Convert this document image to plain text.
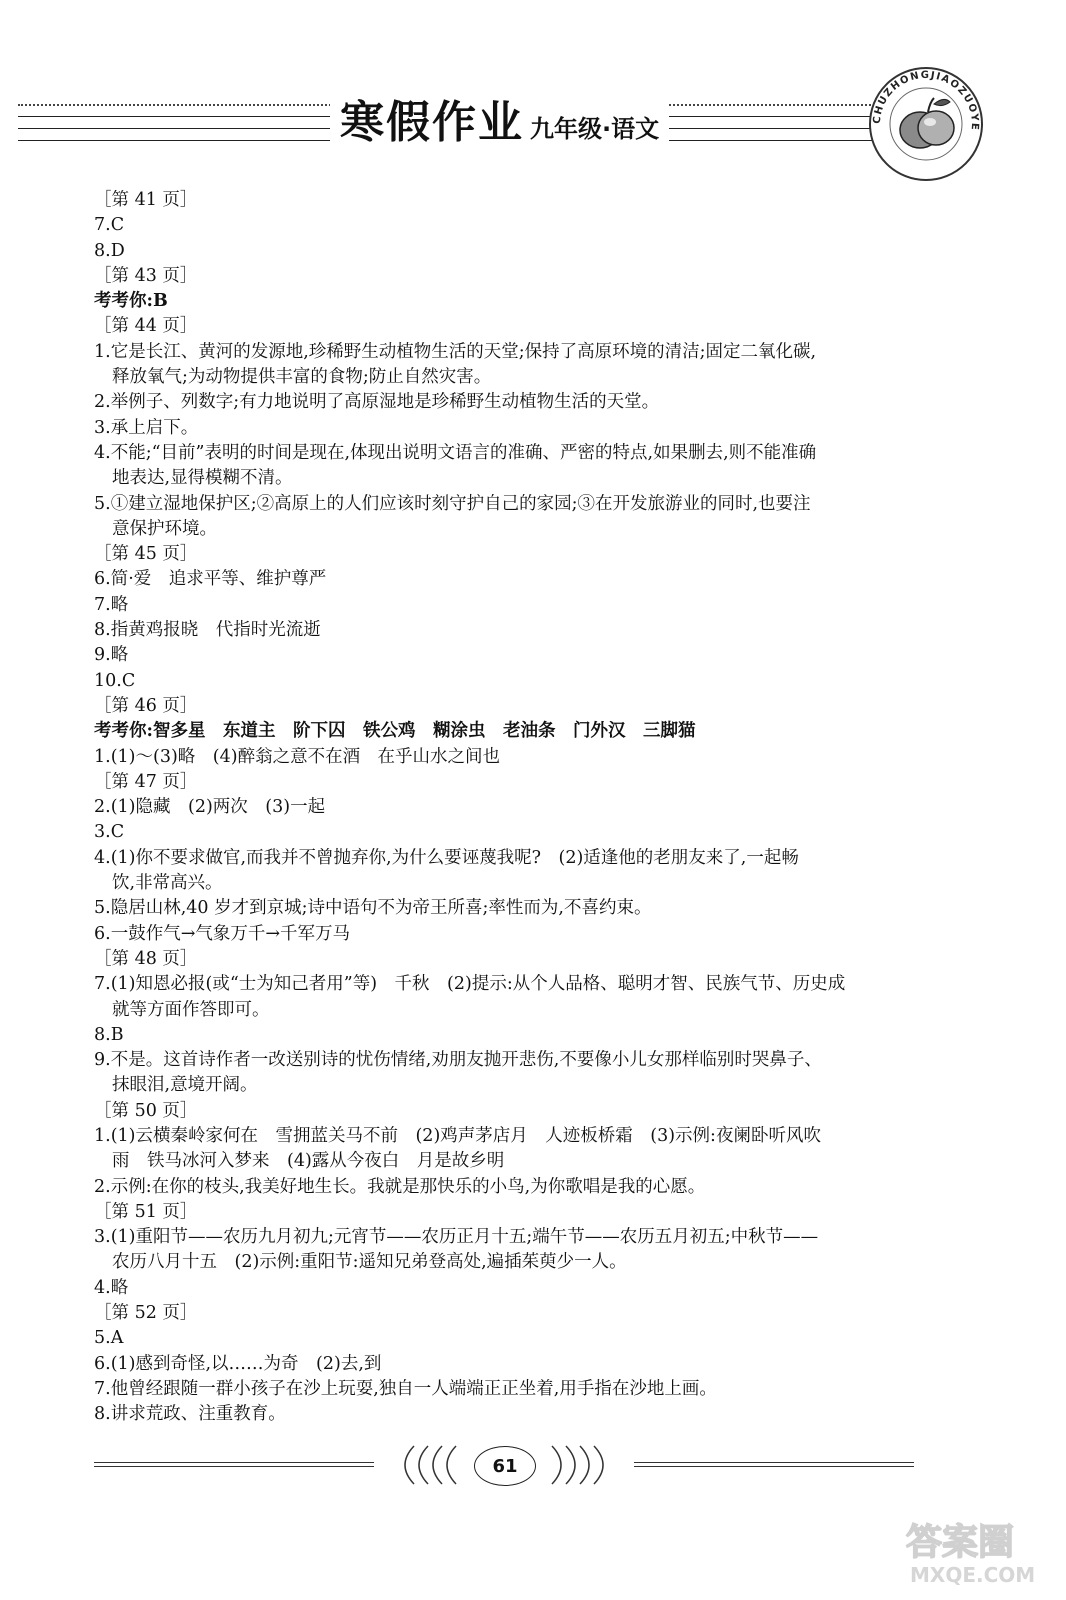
寒假作业 九年级·语文	CHUZHONGJIAOZUOYE
［第 41 页］
7.C
8.D
［第 43 页］
考考你:B
［第 44 页］
1.它是长江、黄河的发源地,珍稀野生动植物生活的天堂;保持了高原环境的清洁;固定二氧化碳,
释放氧气;为动物提供丰富的食物;防止自然灾害。
2.举例子、列数字;有力地说明了高原湿地是珍稀野生动植物生活的天堂。
3.承上启下。
4.不能;“目前”表明的时间是现在,体现出说明文语言的准确、严密的特点,如果删去,则不能准确
地表达,显得模糊不清。
5.①建立湿地保护区;②高原上的人们应该时刻守护自己的家园;③在开发旅游业的同时,也要注
意保护环境。
［第 45 页］
6.简·爱　追求平等、维护尊严
7.略
8.指黄鸡报晓　代指时光流逝
9.略
10.C
［第 46 页］
考考你:智多星　东道主　阶下囚　铁公鸡　糊涂虫　老油条　门外汉　三脚猫
1.(1)～(3)略　(4)醉翁之意不在酒　在乎山水之间也
［第 47 页］
2.(1)隐藏　(2)两次　(3)一起
3.C
4.(1)你不要求做官,而我并不曾抛弃你,为什么要诬蔑我呢?　(2)适逢他的老朋友来了,一起畅
饮,非常高兴。
5.隐居山林,40 岁才到京城;诗中语句不为帝王所喜;率性而为,不喜约束。
6.一鼓作气→气象万千→千军万马
［第 48 页］
7.(1)知恩必报(或“士为知己者用”等)　千秋　(2)提示:从个人品格、聪明才智、民族气节、历史成
就等方面作答即可。
8.B
9.不是。这首诗作者一改送别诗的忧伤情绪,劝朋友抛开悲伤,不要像小儿女那样临别时哭鼻子、
抹眼泪,意境开阔。
［第 50 页］
1.(1)云横秦岭家何在　雪拥蓝关马不前　(2)鸡声茅店月　人迹板桥霜　(3)示例:夜阑卧听风吹
雨　铁马冰河入梦来　(4)露从今夜白　月是故乡明
2.示例:在你的枝头,我美好地生长。我就是那快乐的小鸟,为你歌唱是我的心愿。
［第 51 页］
3.(1)重阳节——农历九月初九;元宵节——农历正月十五;端午节——农历五月初五;中秋节——
农历八月十五　(2)示例:重阳节:遥知兄弟登高处,遍插茱萸少一人。
4.略
［第 52 页］
5.A
6.(1)感到奇怪,以……为奇　(2)去,到
7.他曾经跟随一群小孩子在沙上玩耍,独自一人端端正正坐着,用手指在沙地上画。
8.讲求荒政、注重教育。
61
答案圈
MXQE.COM
